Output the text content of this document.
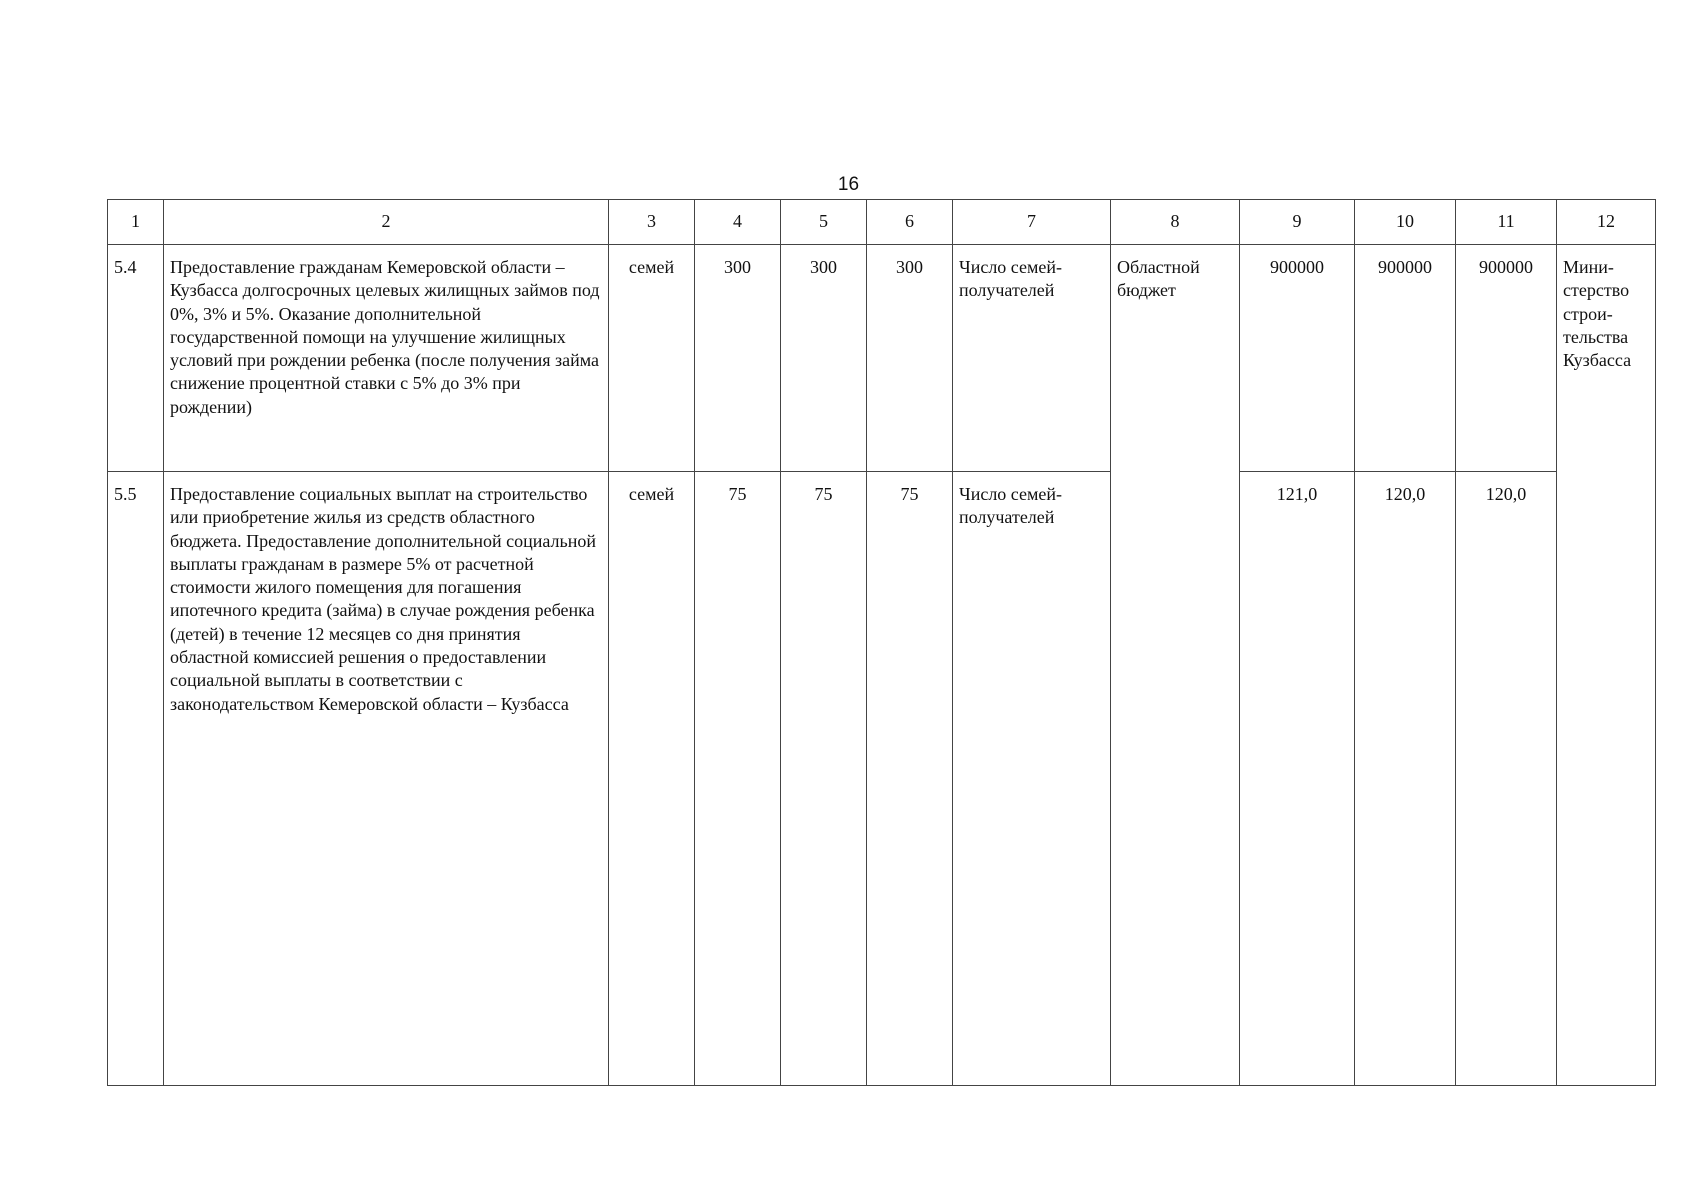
16
1	2	3	4	5	6	7	8	9	10	11	12

5.4	Предоставление гражданам Кемеровской области – Кузбасса долгосрочных целевых жилищных займов под 0%, 3% и 5%. Оказание дополнительной государственной помощи на улучшение жилищных условий при рождении ребенка (после получения займа снижение процентной ставки с 5% до 3% при рождении)	семей	300	300	300	Число семей-получателей	Областной бюджет	900000	900000	900000	Мини-стерство строи-тельства Кузбасса

5.5	Предоставление социальных выплат на строительство или приобретение жилья из средств областного бюджета. Предоставление дополнительной социальной выплаты гражданам в размере 5% от расчетной стоимости жилого помещения для погашения ипотечного кредита (займа) в случае рождения ребенка (детей) в течение 12 месяцев со дня принятия областной комиссией решения о предоставлении социальной выплаты в соответствии с законодательством Кемеровской области – Кузбасса	семей	75	75	75	Число семей-получателей		121,0	120,0	120,0	
